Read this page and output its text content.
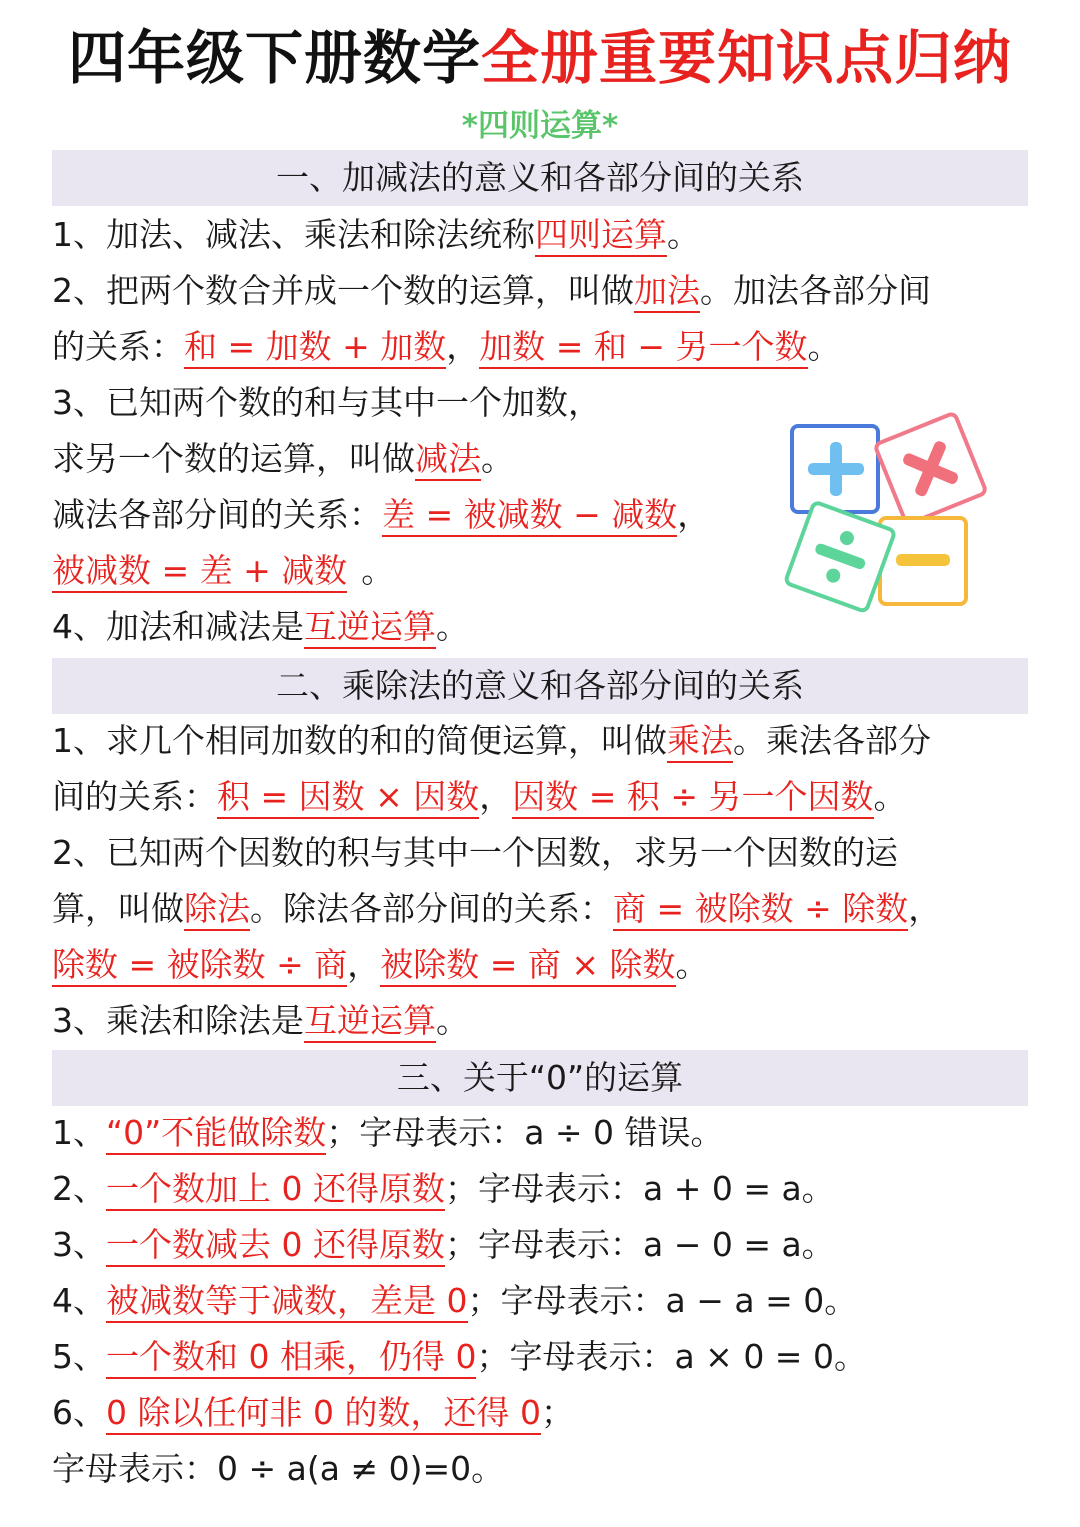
四年级下册数学全册重要知识点归纳
*四则运算*
一、加减法的意义和各部分间的关系
1、加法、减法、乘法和除法统称四则运算。
2、把两个数合并成一个数的运算，叫做加法。加法各部分间
的关系：和 = 加数 + 加数，加数 = 和 − 另一个数。
3、已知两个数的和与其中一个加数，
求另一个数的运算，叫做减法。
减法各部分间的关系：差 = 被减数 − 减数，
被减数 = 差 + 减数 。
4、加法和减法是互逆运算。
二、乘除法的意义和各部分间的关系
1、求几个相同加数的和的简便运算，叫做乘法。乘法各部分
间的关系：积 = 因数 × 因数，因数 = 积 ÷ 另一个因数。
2、已知两个因数的积与其中一个因数，求另一个因数的运
算，叫做除法。除法各部分间的关系：商 = 被除数 ÷ 除数，
除数 = 被除数 ÷ 商，被除数 = 商 × 除数。
3、乘法和除法是互逆运算。
三、关于“0”的运算
1、“0”不能做除数；字母表示：a ÷ 0 错误。
2、一个数加上 0 还得原数；字母表示：a + 0 = a。
3、一个数减去 0 还得原数；字母表示：a − 0 = a。
4、被减数等于减数，差是 0；字母表示：a − a = 0。
5、一个数和 0 相乘，仍得 0；字母表示：a × 0 = 0。
6、0 除以任何非 0 的数，还得 0；
字母表示：0 ÷ a(a ≠ 0)=0。
